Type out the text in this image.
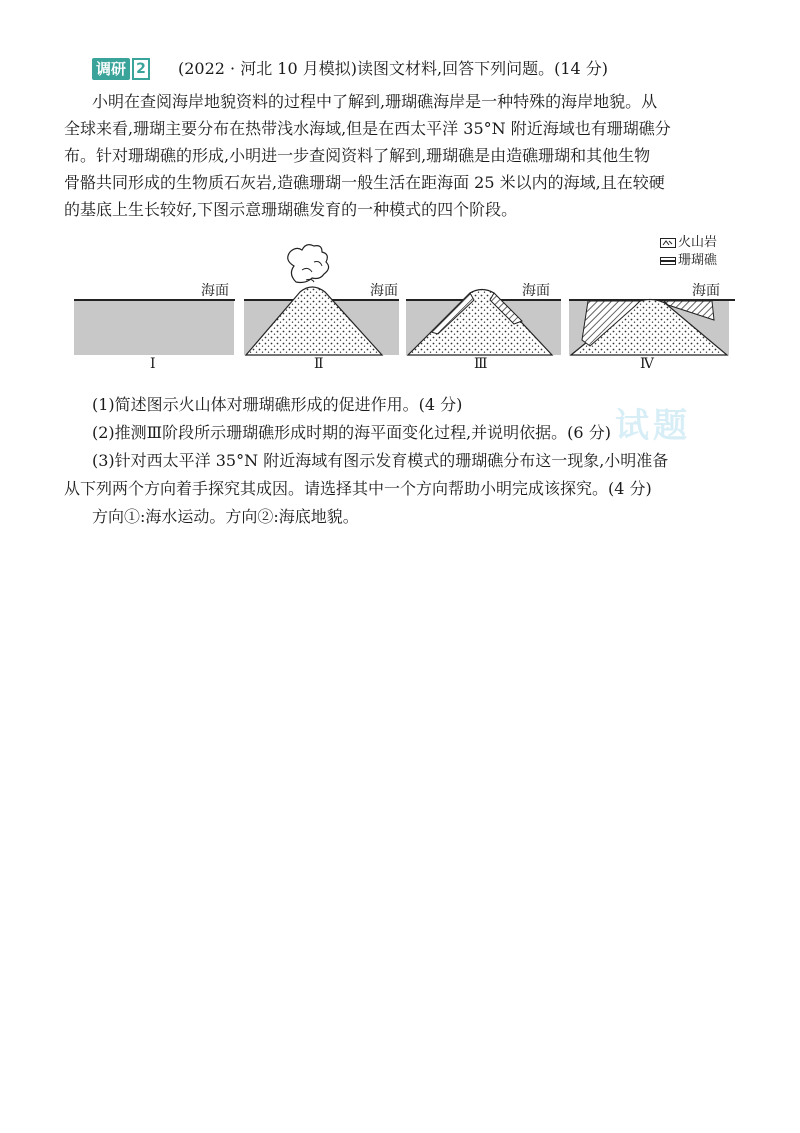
调研 2 (2022 · 河北 10 月模拟)读图文材料,回答下列问题。(14 分)
小明在查阅海岸地貌资料的过程中了解到,珊瑚礁海岸是一种特殊的海岸地貌。从
全球来看,珊瑚主要分布在热带浅水海域,但是在西太平洋 35°N 附近海域也有珊瑚礁分
布。针对珊瑚礁的形成,小明进一步查阅资料了解到,珊瑚礁是由造礁珊瑚和其他生物
骨骼共同形成的生物质石灰岩,造礁珊瑚一般生活在距海面 25 米以内的海域,且在较硬
的基底上生长较好,下图示意珊瑚礁发育的一种模式的四个阶段。
海面	海面	海面	海面
Ⅰ	Ⅱ	Ⅲ	Ⅳ
火山岩
珊瑚礁
试题
(1)简述图示火山体对珊瑚礁形成的促进作用。(4 分)
(2)推测Ⅲ阶段所示珊瑚礁形成时期的海平面变化过程,并说明依据。(6 分)
(3)针对西太平洋 35°N 附近海域有图示发育模式的珊瑚礁分布这一现象,小明准备
从下列两个方向着手探究其成因。请选择其中一个方向帮助小明完成该探究。(4 分)
方向①:海水运动。方向②:海底地貌。
